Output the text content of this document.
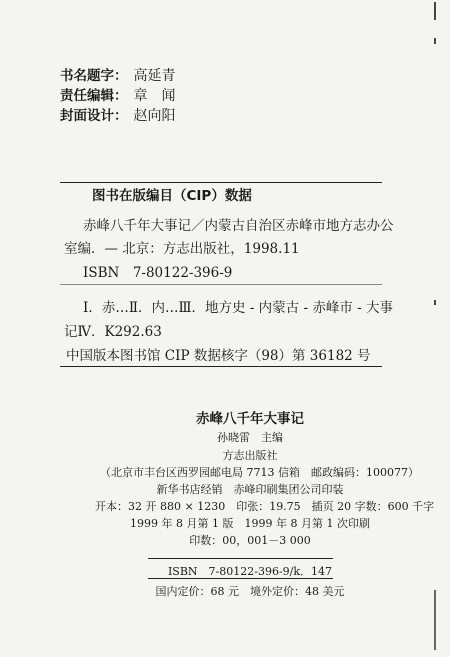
书名题字： 高延青
责任编辑： 章　闻
封面设计： 赵向阳
图书在版编目（CIP）数据
赤峰八千年大事记／内蒙古自治区赤峰市地方志办公
室编．— 北京：方志出版社，1998.11
ISBN　7-80122-396-9
Ⅰ．赤…Ⅱ．内…Ⅲ．地方史 - 内蒙古 - 赤峰市 - 大事
记Ⅳ．K292.63
中国版本图书馆 CIP 数据核字（98）第 36182 号
赤峰八千年大事记
孙晓雷　主编
方志出版社
（北京市丰台区西罗园邮电局 7713 信箱　邮政编码：100077）
新华书店经销　赤峰印刷集团公司印装
开本：32 开 880 × 1230　印张：19.75　插页 20 字数：600 千字
1999 年 8 月第 1 版　1999 年 8 月第 1 次印刷
印数：00，001－3 000
ISBN　7-80122-396-9/k．147
国内定价：68 元　境外定价：48 美元
